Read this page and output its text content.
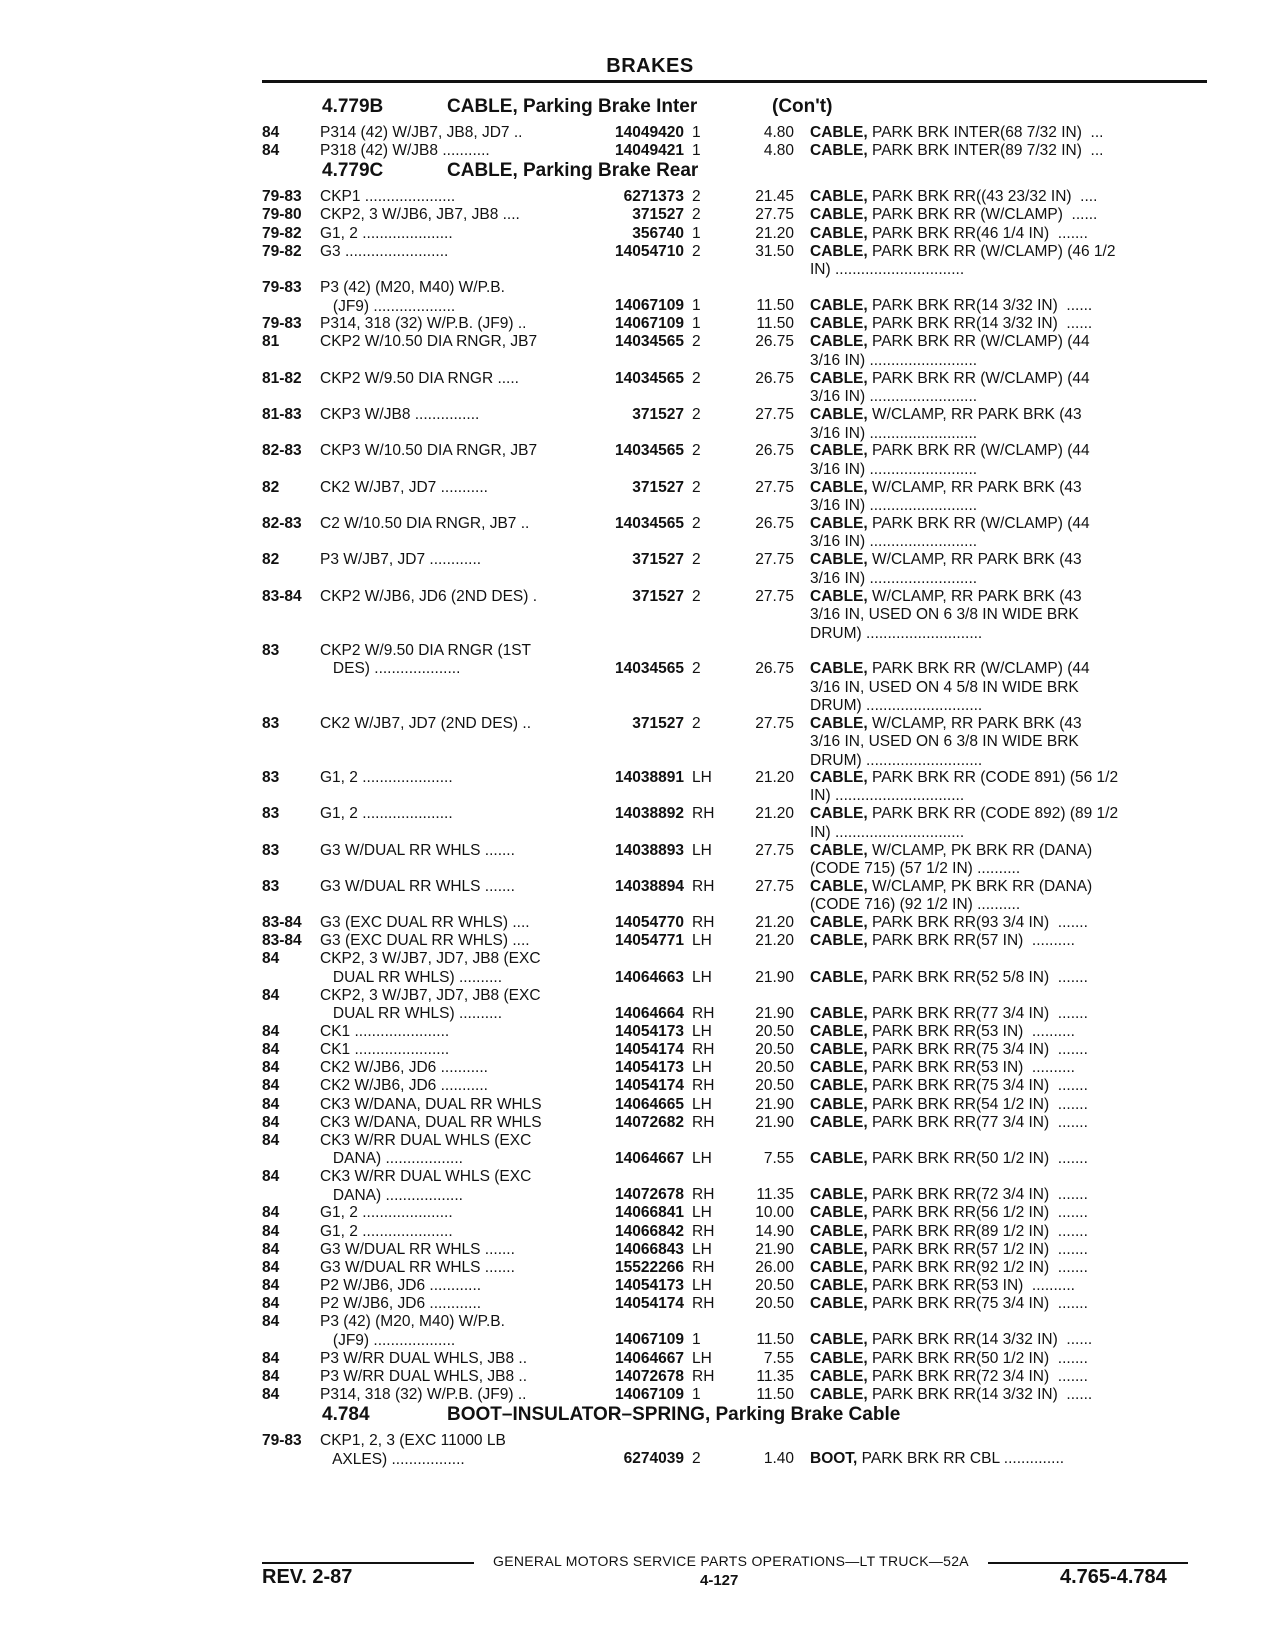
BRAKES
4.779B	CABLE, Parking Brake Inter	(Con't)
84	P314 (42) W/JB7, JB8, JD7 ..	14049420 1	4.80 CABLE, PARK BRK INTER(68 7/32 IN)  ...
84	P318 (42) W/JB8 ...........	14049421 1	4.80 CABLE, PARK BRK INTER(89 7/32 IN)  ...
4.779C	CABLE, Parking Brake Rear
79-83	CKP1 .....................	6271373 2	21.45 CABLE, PARK BRK RR((43 23/32 IN)  ....
79-80	CKP2, 3 W/JB6, JB7, JB8 ....	371527 2	27.75 CABLE, PARK BRK RR (W/CLAMP)  ......
79-82	G1, 2 .....................	356740 1	21.20 CABLE, PARK BRK RR(46 1/4 IN)  .......
79-82	G3 ........................	14054710 2	31.50 CABLE, PARK BRK RR (W/CLAMP) (46 1/2
IN) ..............................
79-83	P3 (42) (M20, M40) W/P.B.
(JF9) ...................	14067109 1	11.50 CABLE, PARK BRK RR(14 3/32 IN)  ......
79-83	P314, 318 (32) W/P.B. (JF9) ..	14067109 1	11.50 CABLE, PARK BRK RR(14 3/32 IN)  ......
81	CKP2 W/10.50 DIA RNGR, JB7	14034565 2	26.75 CABLE, PARK BRK RR (W/CLAMP) (44
3/16 IN) .........................
81-82	CKP2 W/9.50 DIA RNGR .....	14034565 2	26.75 CABLE, PARK BRK RR (W/CLAMP) (44
3/16 IN) .........................
81-83	CKP3 W/JB8 ...............	371527 2	27.75 CABLE, W/CLAMP, RR PARK BRK (43
3/16 IN) .........................
82-83	CKP3 W/10.50 DIA RNGR, JB7	14034565 2	26.75 CABLE, PARK BRK RR (W/CLAMP) (44
3/16 IN) .........................
82	CK2 W/JB7, JD7 ...........	371527 2	27.75 CABLE, W/CLAMP, RR PARK BRK (43
3/16 IN) .........................
82-83	C2 W/10.50 DIA RNGR, JB7 ..	14034565 2	26.75 CABLE, PARK BRK RR (W/CLAMP) (44
3/16 IN) .........................
82	P3 W/JB7, JD7 ............	371527 2	27.75 CABLE, W/CLAMP, RR PARK BRK (43
3/16 IN) .........................
83-84	CKP2 W/JB6, JD6 (2ND DES) .	371527 2	27.75 CABLE, W/CLAMP, RR PARK BRK (43
3/16 IN, USED ON 6 3/8 IN WIDE BRK
DRUM) ...........................
83	CKP2 W/9.50 DIA RNGR (1ST
DES) ....................	14034565 2	26.75 CABLE, PARK BRK RR (W/CLAMP) (44
3/16 IN, USED ON 4 5/8 IN WIDE BRK
DRUM) ...........................
83	CK2 W/JB7, JD7 (2ND DES) ..	371527 2	27.75 CABLE, W/CLAMP, RR PARK BRK (43
3/16 IN, USED ON 6 3/8 IN WIDE BRK
DRUM) ...........................
83	G1, 2 .....................	14038891 LH	21.20 CABLE, PARK BRK RR (CODE 891) (56 1/2
IN) ..............................
83	G1, 2 .....................	14038892 RH	21.20 CABLE, PARK BRK RR (CODE 892) (89 1/2
IN) ..............................
83	G3 W/DUAL RR WHLS .......	14038893 LH	27.75 CABLE, W/CLAMP, PK BRK RR (DANA)
(CODE 715) (57 1/2 IN) ..........
83	G3 W/DUAL RR WHLS .......	14038894 RH	27.75 CABLE, W/CLAMP, PK BRK RR (DANA)
(CODE 716) (92 1/2 IN) ..........
83-84	G3 (EXC DUAL RR WHLS) ....	14054770 RH	21.20 CABLE, PARK BRK RR(93 3/4 IN)  .......
83-84	G3 (EXC DUAL RR WHLS) ....	14054771 LH	21.20 CABLE, PARK BRK RR(57 IN)  ..........
84	CKP2, 3 W/JB7, JD7, JB8 (EXC
DUAL RR WHLS) ..........	14064663 LH	21.90 CABLE, PARK BRK RR(52 5/8 IN)  .......
84	CKP2, 3 W/JB7, JD7, JB8 (EXC
DUAL RR WHLS) ..........	14064664 RH	21.90 CABLE, PARK BRK RR(77 3/4 IN)  .......
84	CK1 ......................	14054173 LH	20.50 CABLE, PARK BRK RR(53 IN)  ..........
84	CK1 ......................	14054174 RH	20.50 CABLE, PARK BRK RR(75 3/4 IN)  .......
84	CK2 W/JB6, JD6 ...........	14054173 LH	20.50 CABLE, PARK BRK RR(53 IN)  ..........
84	CK2 W/JB6, JD6 ...........	14054174 RH	20.50 CABLE, PARK BRK RR(75 3/4 IN)  .......
84	CK3 W/DANA, DUAL RR WHLS	14064665 LH	21.90 CABLE, PARK BRK RR(54 1/2 IN)  .......
84	CK3 W/DANA, DUAL RR WHLS	14072682 RH	21.90 CABLE, PARK BRK RR(77 3/4 IN)  .......
84	CK3 W/RR DUAL WHLS (EXC
DANA) ..................	14064667 LH	7.55 CABLE, PARK BRK RR(50 1/2 IN)  .......
84	CK3 W/RR DUAL WHLS (EXC
DANA) ..................	14072678 RH	11.35 CABLE, PARK BRK RR(72 3/4 IN)  .......
84	G1, 2 .....................	14066841 LH	10.00 CABLE, PARK BRK RR(56 1/2 IN)  .......
84	G1, 2 .....................	14066842 RH	14.90 CABLE, PARK BRK RR(89 1/2 IN)  .......
84	G3 W/DUAL RR WHLS .......	14066843 LH	21.90 CABLE, PARK BRK RR(57 1/2 IN)  .......
84	G3 W/DUAL RR WHLS .......	15522266 RH	26.00 CABLE, PARK BRK RR(92 1/2 IN)  .......
84	P2 W/JB6, JD6 ............	14054173 LH	20.50 CABLE, PARK BRK RR(53 IN)  ..........
84	P2 W/JB6, JD6 ............	14054174 RH	20.50 CABLE, PARK BRK RR(75 3/4 IN)  .......
84	P3 (42) (M20, M40) W/P.B.
(JF9) ...................	14067109 1	11.50 CABLE, PARK BRK RR(14 3/32 IN)  ......
84	P3 W/RR DUAL WHLS, JB8 ..	14064667 LH	7.55 CABLE, PARK BRK RR(50 1/2 IN)  .......
84	P3 W/RR DUAL WHLS, JB8 ..	14072678 RH	11.35 CABLE, PARK BRK RR(72 3/4 IN)  .......
84	P314, 318 (32) W/P.B. (JF9) ..	14067109 1	11.50 CABLE, PARK BRK RR(14 3/32 IN)  ......
4.784	BOOT–INSULATOR–SPRING, Parking Brake Cable
79-83	CKP1, 2, 3 (EXC 11000 LB
AXLES) .................	6274039 2	1.40 BOOT, PARK BRK RR CBL ..............
GENERAL MOTORS SERVICE PARTS OPERATIONS—LT TRUCK—52A
REV. 2-87	4-127	4.765-4.784
